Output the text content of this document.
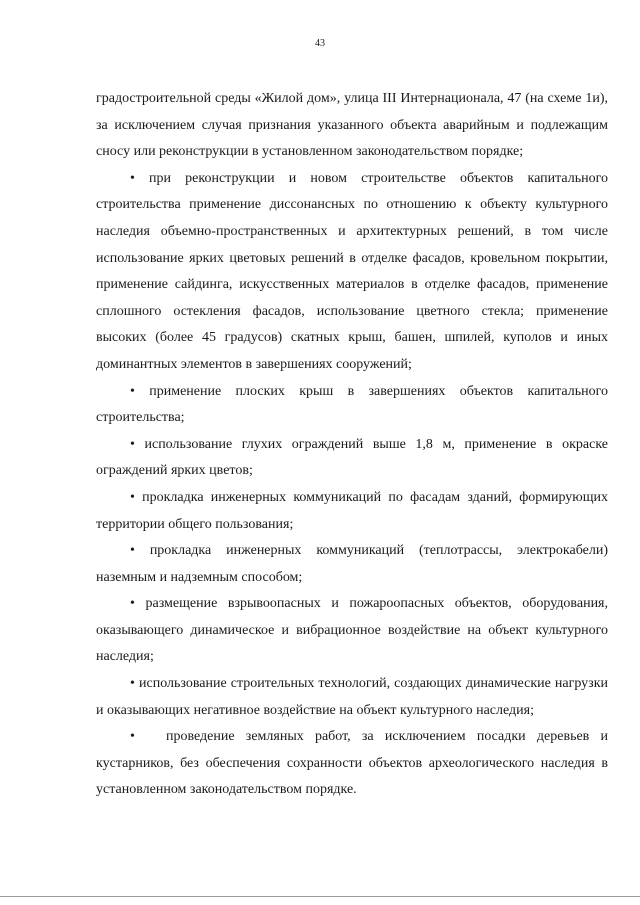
43

градостроительной среды «Жилой дом», улица III Интернационала, 47 (на схеме 1и), за исключением случая признания указанного объекта аварийным и подлежащим сносу или реконструкции в установленном законодательством порядке;

• при реконструкции и новом строительстве объектов капитального строительства применение диссонансных по отношению к объекту культурного наследия объемно-пространственных и архитектурных решений, в том числе использование ярких цветовых решений в отделке фасадов, кровельном покрытии, применение сайдинга, искусственных материалов в отделке фасадов, применение сплошного остекления фасадов, использование цветного стекла; применение высоких (более 45 градусов) скатных крыш, башен, шпилей, куполов и иных доминантных элементов в завершениях сооружений;

• применение плоских крыш в завершениях объектов капитального строительства;

• использование глухих ограждений выше 1,8 м, применение в окраске ограждений ярких цветов;

• прокладка инженерных коммуникаций по фасадам зданий, формирующих территории общего пользования;

• прокладка инженерных коммуникаций (теплотрассы, электрокабели) наземным и надземным способом;

• размещение взрывоопасных и пожароопасных объектов, оборудования, оказывающего динамическое и вибрационное воздействие на объект культурного наследия;

• использование строительных технологий, создающих динамические нагрузки и оказывающих негативное воздействие на объект культурного наследия;

• проведение земляных работ, за исключением посадки деревьев и кустарников, без обеспечения сохранности объектов археологического наследия в установленном законодательством порядке.
